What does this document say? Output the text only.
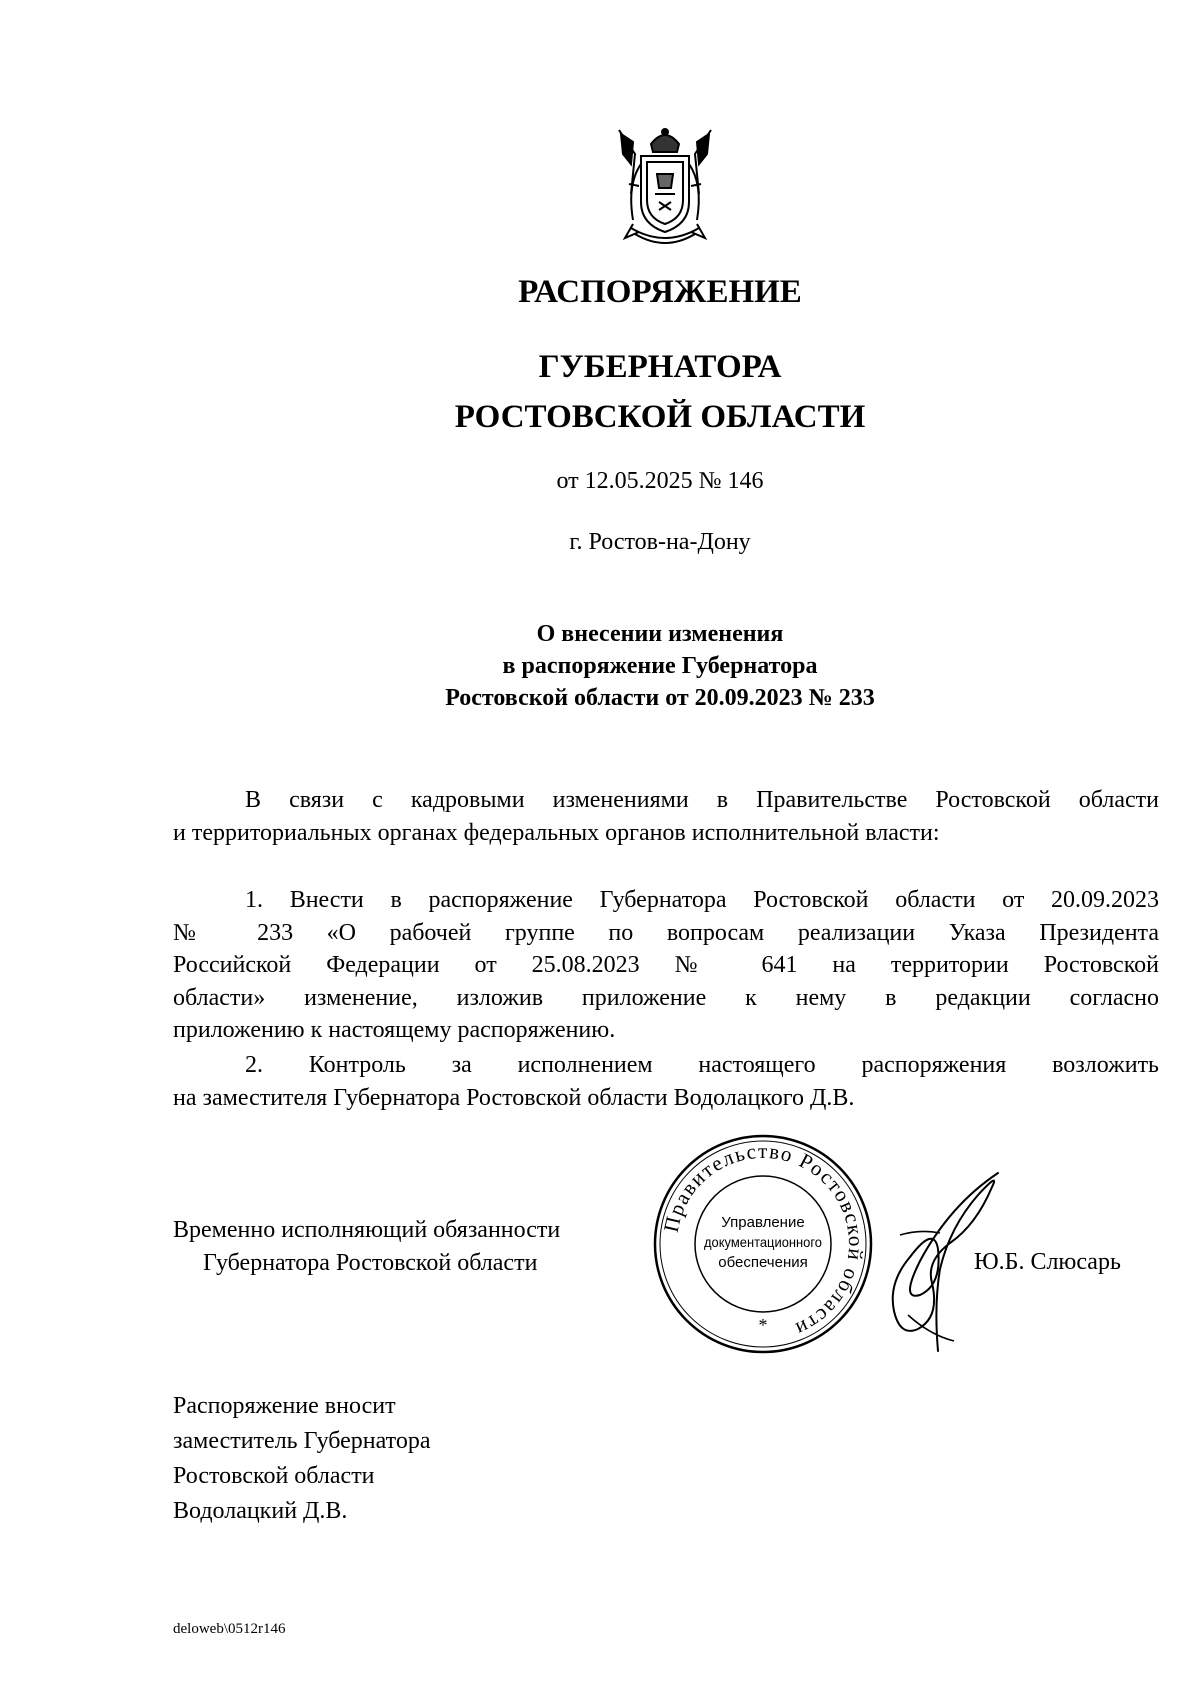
РАСПОРЯЖЕНИЕ
ГУБЕРНАТОРА
РОСТОВСКОЙ ОБЛАСТИ
от 12.05.2025 № 146
г. Ростов-на-Дону
О внесении изменения
в распоряжение Губернатора
Ростовской области от 20.09.2023 № 233
В связи с кадровыми изменениями в Правительстве Ростовской области
и территориальных органах федеральных органов исполнительной власти:
1. Внести в распоряжение Губернатора Ростовской области от 20.09.2023
№ 233 «О рабочей группе по вопросам реализации Указа Президента
Российской Федерации от 25.08.2023 № 641 на территории Ростовской
области» изменение, изложив приложение к нему в редакции согласно
приложению к настоящему распоряжению.
2. Контроль за исполнением настоящего распоряжения возложить
на заместителя Губернатора Ростовской области Водолацкого Д.В.
Временно исполняющий обязанности
Губернатора Ростовской области
Правительство Ростовской области
Управление
документационного
обеспечения
*
Ю.Б. Слюсарь
Распоряжение вносит
заместитель Губернатора
Ростовской области
Водолацкий Д.В.
deloweb\0512r146
